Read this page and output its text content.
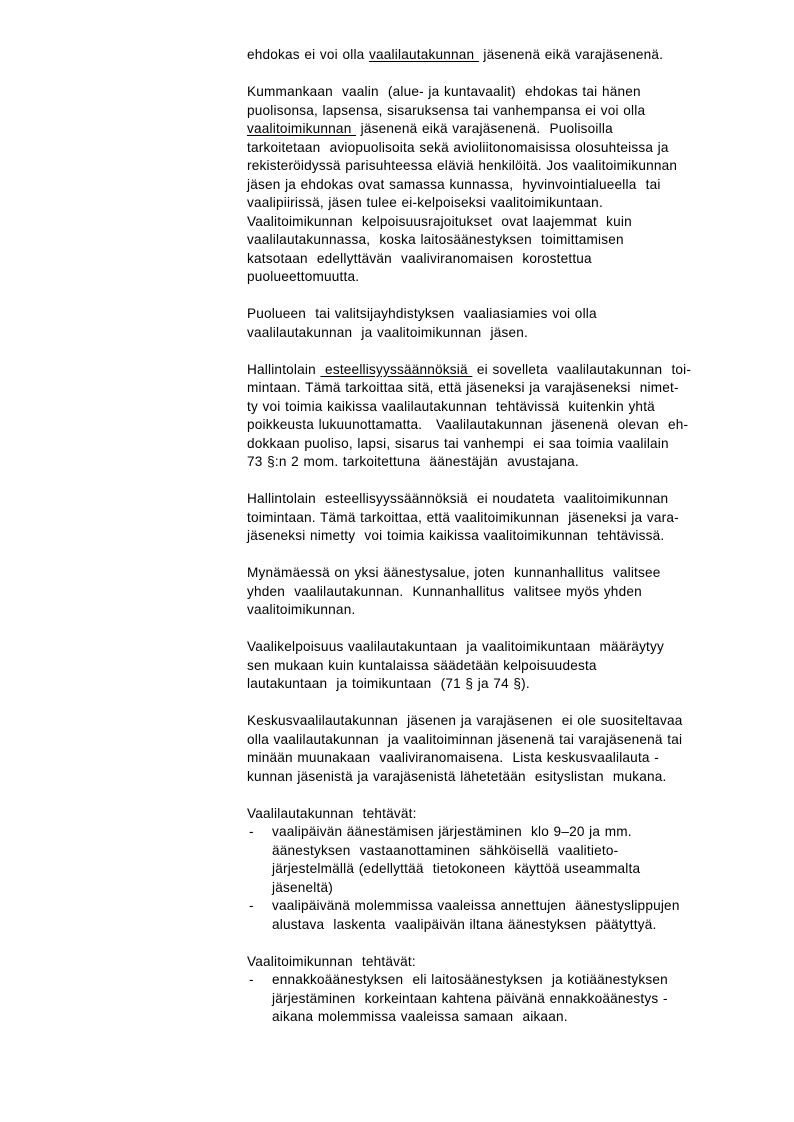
ehdokas ei voi olla vaalilautakunnan  jäsenenä eikä varajäsenenä.
Kummankaan  vaalin  (alue- ja kuntavaalit)  ehdokas tai hänen
puolisonsa, lapsensa, sisaruksensa tai vanhempansa ei voi olla
vaalitoimikunnan  jäsenenä eikä varajäsenenä.  Puolisoilla
tarkoitetaan  aviopuolisoita sekä avioliitonomaisissa olosuhteissa ja
rekisteröidyssä parisuhteessa eläviä henkilöitä. Jos vaalitoimikunnan
jäsen ja ehdokas ovat samassa kunnassa,  hyvinvointialueella  tai
vaalipiirissä, jäsen tulee ei-kelpoiseksi vaalitoimikuntaan.
Vaalitoimikunnan  kelpoisuusrajoitukset  ovat laajemmat  kuin
vaalilautakunnassa,  koska laitosäänestyksen  toimittamisen
katsotaan  edellyttävän  vaaliviranomaisen  korostettua
puolueettomuutta.
Puolueen  tai valitsijayhdistyksen  vaaliasiamies voi olla
vaalilautakunnan  ja vaalitoimikunnan  jäsen.
Hallintolain  esteellisyyssäännöksiä  ei sovelleta  vaalilautakunnan  toi-
mintaan. Tämä tarkoittaa sitä, että jäseneksi ja varajäseneksi  nimet-
ty voi toimia kaikissa vaalilautakunnan  tehtävissä  kuitenkin yhtä
poikkeusta lukuunottamatta.   Vaalilautakunnan  jäsenenä  olevan  eh-
dokkaan puoliso, lapsi, sisarus tai vanhempi  ei saa toimia vaalilain
73 §:n 2 mom. tarkoitettuna  äänestäjän  avustajana.
Hallintolain  esteellisyyssäännöksiä  ei noudateta  vaalitoimikunnan
toimintaan. Tämä tarkoittaa, että vaalitoimikunnan  jäseneksi ja vara-
jäseneksi nimetty  voi toimia kaikissa vaalitoimikunnan  tehtävissä.
Mynämäessä on yksi äänestysalue, joten  kunnanhallitus  valitsee
yhden  vaalilautakunnan.  Kunnanhallitus  valitsee myös yhden
vaalitoimikunnan.
Vaalikelpoisuus vaalilautakuntaan  ja vaalitoimikuntaan  määräytyy
sen mukaan kuin kuntalaissa säädetään kelpoisuudesta
lautakuntaan  ja toimikuntaan  (71 § ja 74 §).
Keskusvaalilautakunnan  jäsenen ja varajäsenen  ei ole suositeltavaa
olla vaalilautakunnan  ja vaalitoiminnan jäsenenä tai varajäsenenä tai
minään muunakaan  vaaliviranomaisena.  Lista keskusvaalilauta -
kunnan jäsenistä ja varajäsenistä lähetetään  esityslistan  mukana.
Vaalilautakunnan  tehtävät:
- vaalipäivän äänestämisen järjestäminen  klo 9–20 ja mm.
äänestyksen  vastaanottaminen  sähköisellä  vaalitieto-
järjestelmällä (edellyttää  tietokoneen  käyttöä useammalta
jäseneltä)
- vaalipäivänä molemmissa vaaleissa annettujen  äänestyslippujen
alustava  laskenta  vaalipäivän iltana äänestyksen  päätyttyä.
Vaalitoimikunnan  tehtävät:
- ennakkoäänestyksen  eli laitosäänestyksen  ja kotiäänestyksen
järjestäminen  korkeintaan kahtena päivänä ennakkoäänestys -
aikana molemmissa vaaleissa samaan  aikaan.
